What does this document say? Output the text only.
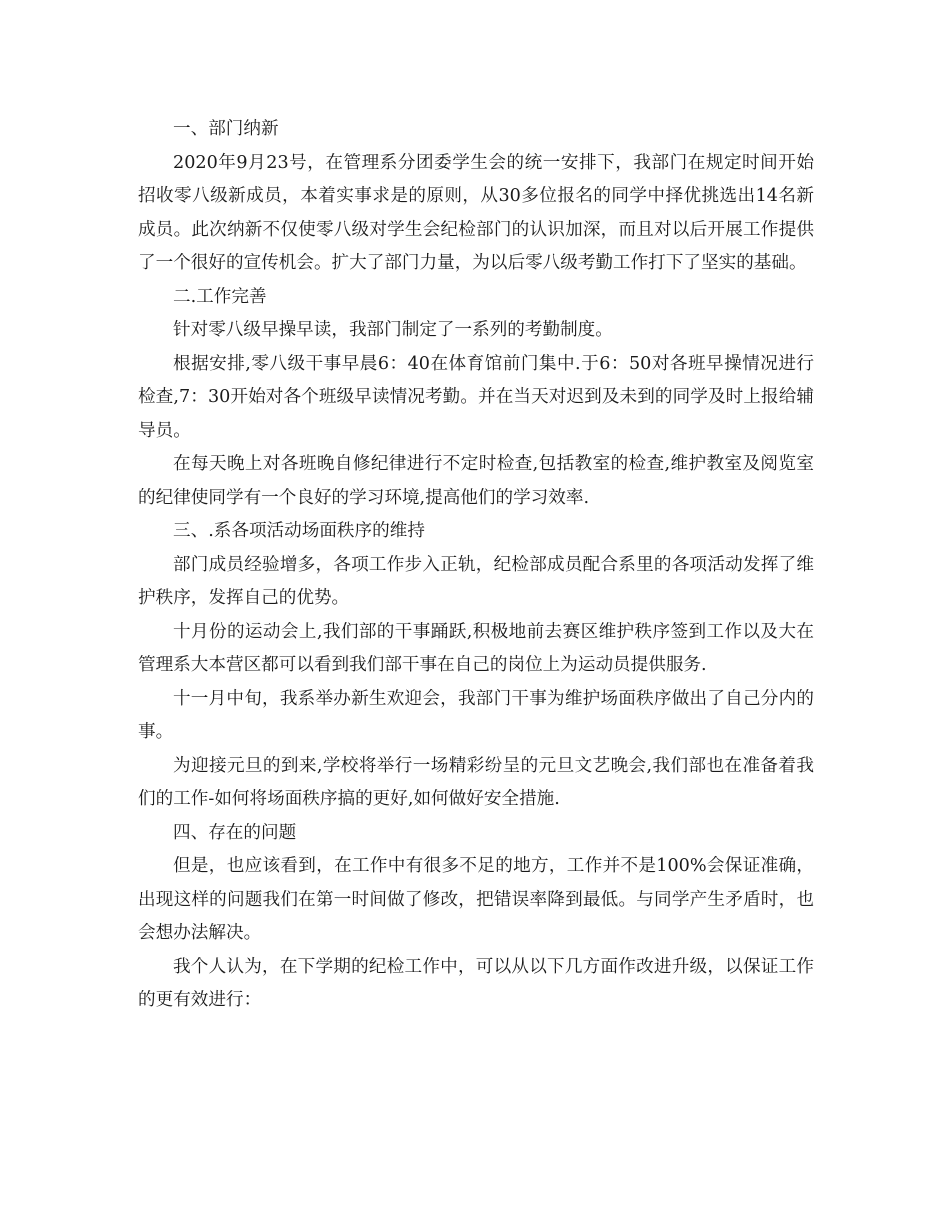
一、部门纳新

2020年9月23号，在管理系分团委学生会的统一安排下，我部门在规定时间开始招收零八级新成员，本着实事求是的原则，从30多位报名的同学中择优挑选出14名新成员。此次纳新不仅使零八级对学生会纪检部门的认识加深，而且对以后开展工作提供了一个很好的宣传机会。扩大了部门力量，为以后零八级考勤工作打下了坚实的基础。

二.工作完善

针对零八级早操早读，我部门制定了一系列的考勤制度。

根据安排,零八级干事早晨6：40在体育馆前门集中.于6：50对各班早操情况进行检查,7：30开始对各个班级早读情况考勤。并在当天对迟到及未到的同学及时上报给辅导员。

在每天晚上对各班晚自修纪律进行不定时检查,包括教室的检查,维护教室及阅览室的纪律使同学有一个良好的学习环境,提高他们的学习效率.

三、.系各项活动场面秩序的维持

部门成员经验增多，各项工作步入正轨，纪检部成员配合系里的各项活动发挥了维护秩序，发挥自己的优势。

十月份的运动会上,我们部的干事踊跃,积极地前去赛区维护秩序签到工作以及大在管理系大本营区都可以看到我们部干事在自己的岗位上为运动员提供服务.

十一月中旬，我系举办新生欢迎会，我部门干事为维护场面秩序做出了自己分内的事。

为迎接元旦的到来,学校将举行一场精彩纷呈的元旦文艺晚会,我们部也在准备着我们的工作-如何将场面秩序搞的更好,如何做好安全措施.

四、存在的问题

但是，也应该看到，在工作中有很多不足的地方，工作并不是100%会保证准确，出现这样的问题我们在第一时间做了修改，把错误率降到最低。与同学产生矛盾时，也会想办法解决。

我个人认为，在下学期的纪检工作中，可以从以下几方面作改进升级，以保证工作的更有效进行：
